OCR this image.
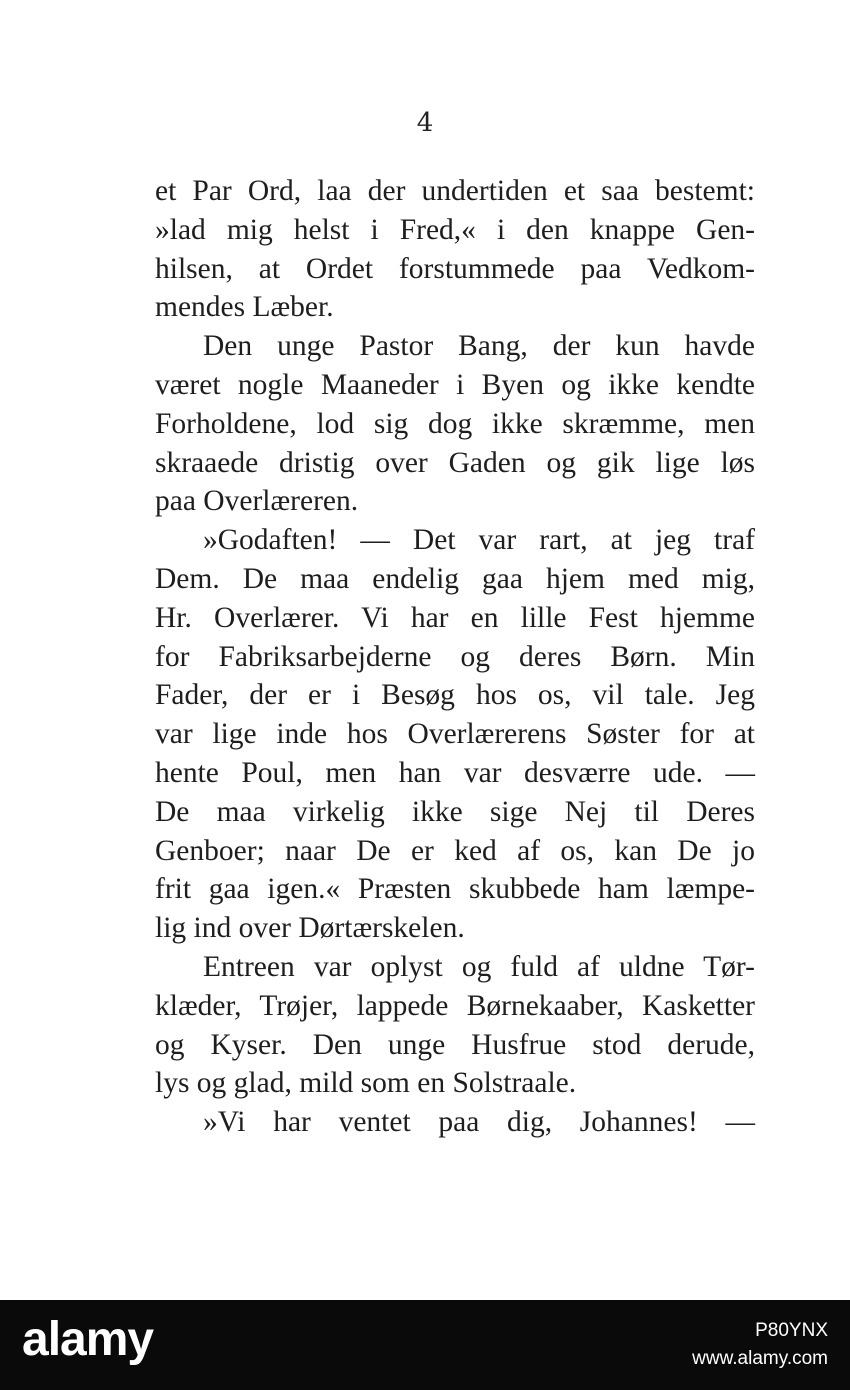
4
et Par Ord, laa der undertiden et saa bestemt:
»lad mig helst i Fred,« i den knappe Gen-
hilsen, at Ordet forstummede paa Vedkom-
mendes Læber.
Den unge Pastor Bang, der kun havde
været nogle Maaneder i Byen og ikke kendte
Forholdene, lod sig dog ikke skræmme, men
skraaede dristig over Gaden og gik lige løs
paa Overlæreren.
»Godaften! — Det var rart, at jeg traf
Dem. De maa endelig gaa hjem med mig,
Hr. Overlærer. Vi har en lille Fest hjemme
for Fabriksarbejderne og deres Børn. Min
Fader, der er i Besøg hos os, vil tale. Jeg
var lige inde hos Overlærerens Søster for at
hente Poul, men han var desværre ude. —
De maa virkelig ikke sige Nej til Deres
Genboer; naar De er ked af os, kan De jo
frit gaa igen.« Præsten skubbede ham læmpe-
lig ind over Dørtærskelen.
Entreen var oplyst og fuld af uldne Tør-
klæder, Trøjer, lappede Børnekaaber, Kasketter
og Kyser. Den unge Husfrue stod derude,
lys og glad, mild som en Solstraale.
»Vi har ventet paa dig, Johannes! —
alamy	P80YNX
www.alamy.com
